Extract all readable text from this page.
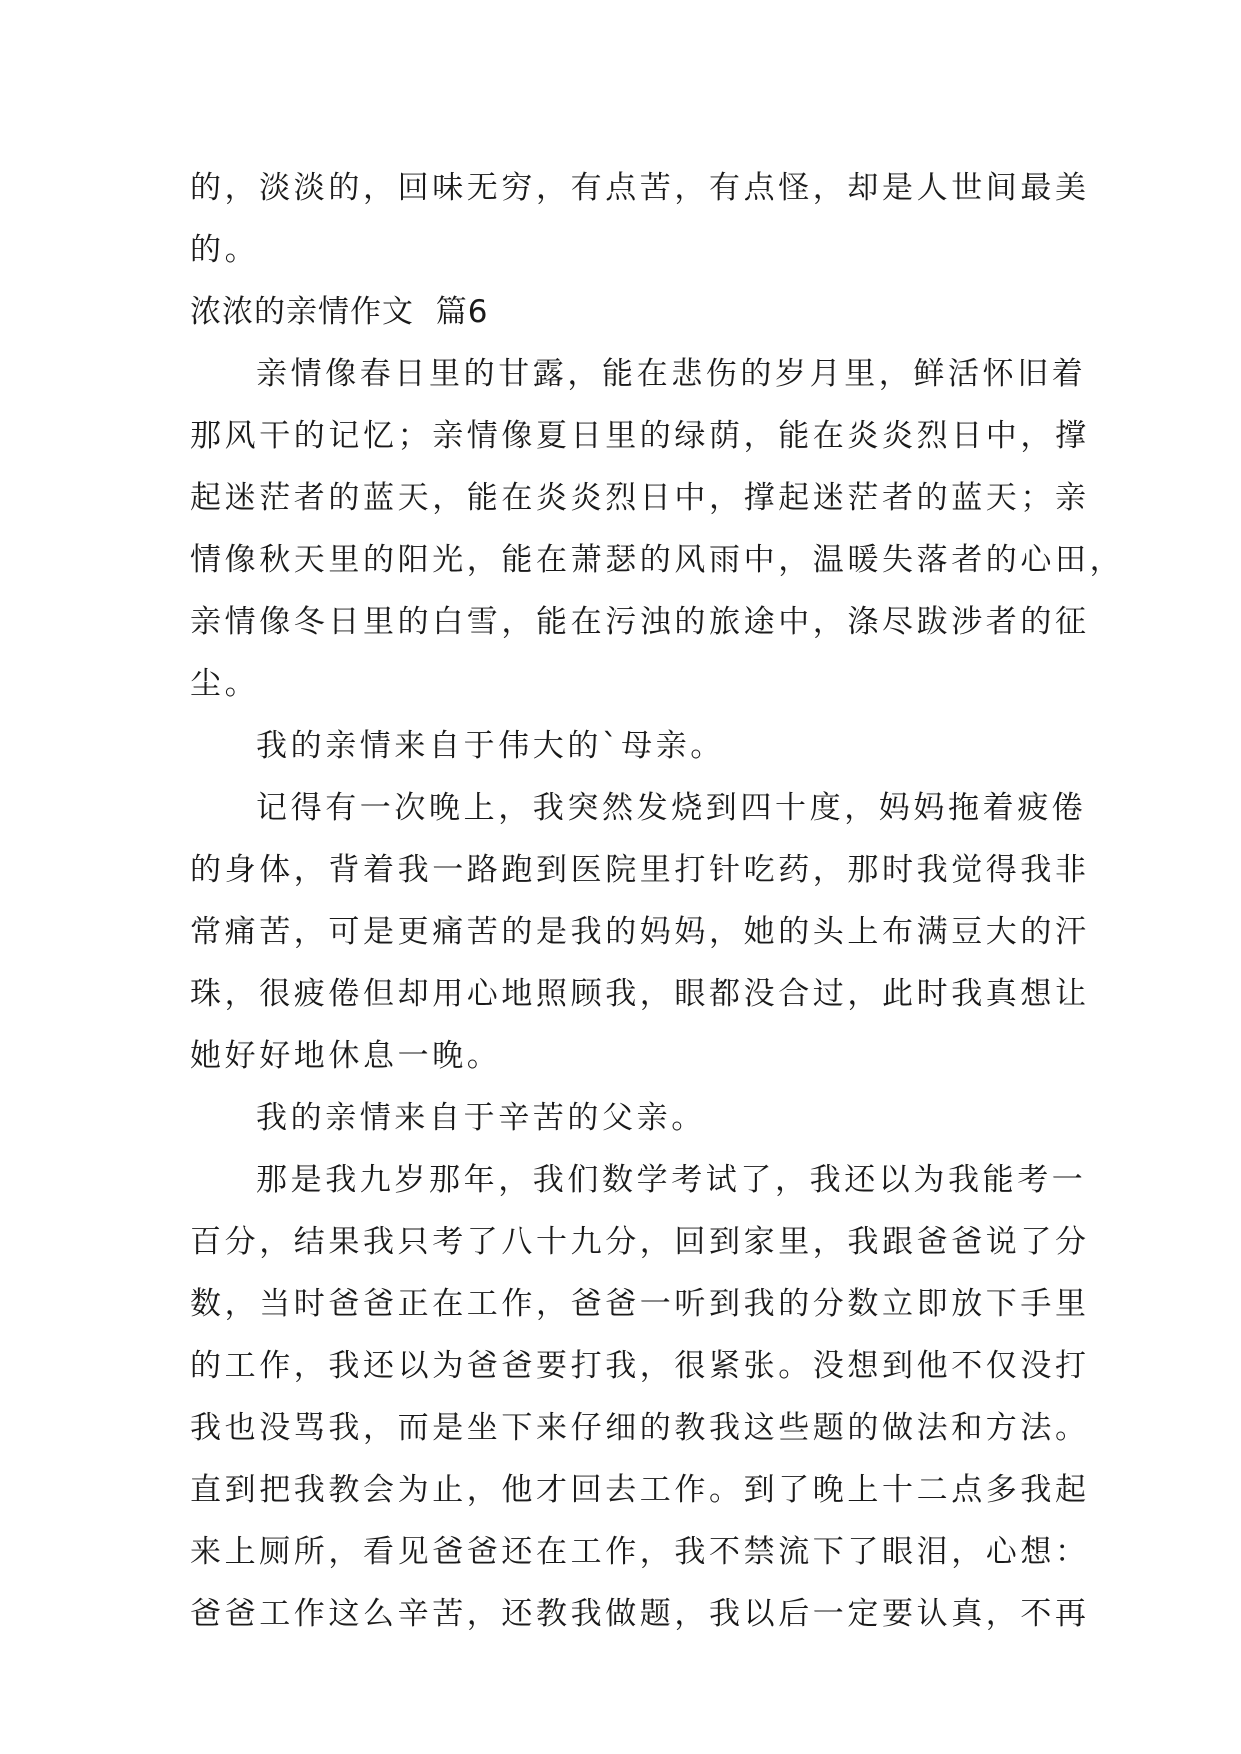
的，淡淡的，回味无穷，有点苦，有点怪，却是人世间最美
的。
浓浓的亲情作文  篇6
亲情像春日里的甘露，能在悲伤的岁月里，鲜活怀旧着
那风干的记忆；亲情像夏日里的绿荫，能在炎炎烈日中，撑
起迷茫者的蓝天，能在炎炎烈日中，撑起迷茫者的蓝天；亲
情像秋天里的阳光，能在萧瑟的风雨中，温暖失落者的心田，
亲情像冬日里的白雪，能在污浊的旅途中，涤尽跋涉者的征
尘。
我的亲情来自于伟大的`母亲。
记得有一次晚上，我突然发烧到四十度，妈妈拖着疲倦
的身体，背着我一路跑到医院里打针吃药，那时我觉得我非
常痛苦，可是更痛苦的是我的妈妈，她的头上布满豆大的汗
珠，很疲倦但却用心地照顾我，眼都没合过，此时我真想让
她好好地休息一晚。
我的亲情来自于辛苦的父亲。
那是我九岁那年，我们数学考试了，我还以为我能考一
百分，结果我只考了八十九分，回到家里，我跟爸爸说了分
数，当时爸爸正在工作，爸爸一听到我的分数立即放下手里
的工作，我还以为爸爸要打我，很紧张。没想到他不仅没打
我也没骂我，而是坐下来仔细的教我这些题的做法和方法。
直到把我教会为止，他才回去工作。到了晚上十二点多我起
来上厕所，看见爸爸还在工作，我不禁流下了眼泪，心想：
爸爸工作这么辛苦，还教我做题，我以后一定要认真，不再
